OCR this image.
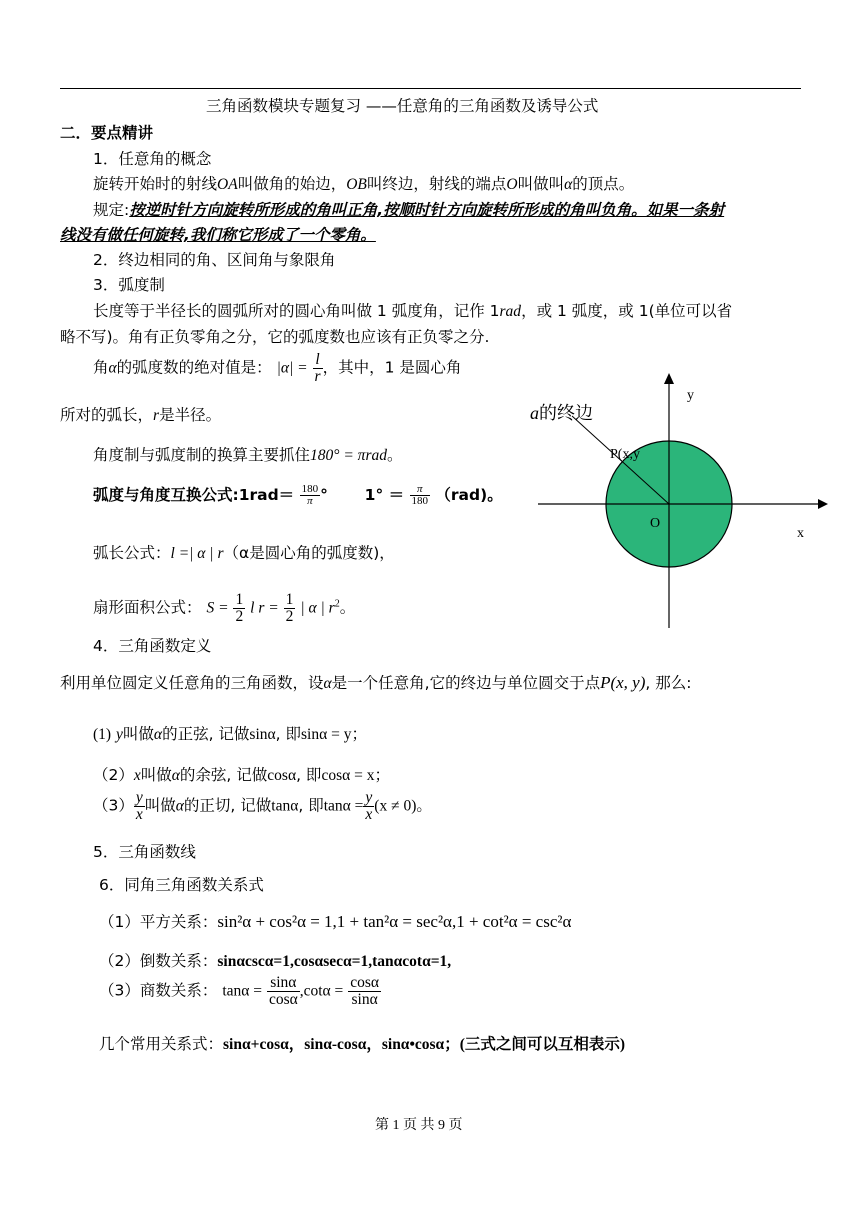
三角函数模块专题复习 ——任意角的三角函数及诱导公式
二．要点精讲
1．任意角的概念
旋转开始时的射线OA叫做角的始边，OB叫终边，射线的端点O叫做叫α的顶点。
规定:按逆时针方向旋转所形成的角叫正角,按顺时针方向旋转所形成的角叫负角。如果一条射
线没有做任何旋转,我们称它形成了一个零角。
2．终边相同的角、区间角与象限角
3．弧度制
长度等于半径长的圆弧所对的圆心角叫做 1 弧度角，记作 1rad，或 1 弧度，或 1(单位可以省
略不写)。角有正负零角之分，它的弧度数也应该有正负零之分.
角α的弧度数的绝对值是： $|\alpha| = \frac{l}{r}$ ，其中，1 是圆心角
所对的弧长，r是半径。
角度制与弧度制的换算主要抓住180° = πrad。
弧度与角度互换公式:1rad＝ $\frac{180}{\pi}$ ° $1^\circ = \frac{\pi}{180} (rad)$。
弧长公式：l =| α | r（α是圆心角的弧度数)，
扇形面积公式： $S = \frac{1}{2}$ l $r = \frac{1}{2}$ | α | $r^2$。
y
x
O
P(x,y
a的终边
4．三角函数定义
利用单位圆定义任意角的三角函数，设α是一个任意角,它的终边与单位圆交于点P(x, y), 那么:
(1) y叫做α的正弦, 记做sinα, 即sinα = y；
（2）x叫做α的余弦, 记做cosα, 即cosα = x；
$(3) \frac{y}{x}$ 叫做α的正切, 记做tanα, 即$\tan\alpha = \frac{y}{x} (x \ne 0)$。
5．三角函数线
6．同角三角函数关系式
（1）平方关系：sin²α + cos²α = 1,1 + tan²α = sec²α,1 + cot²α = csc²α
（2）倒数关系：sinαcscα=1,cosαsecα=1,tanαcotα=1,
（3）商数关系： $\tan\alpha = \frac{\sin\alpha}{\cos\alpha} ,\cot\alpha = \frac{\cos\alpha}{\sin\alpha}$
几个常用关系式：sinα+cosα，sinα-cosα，sinα•cosα；(三式之间可以互相表示)
第 1 页 共 9 页
